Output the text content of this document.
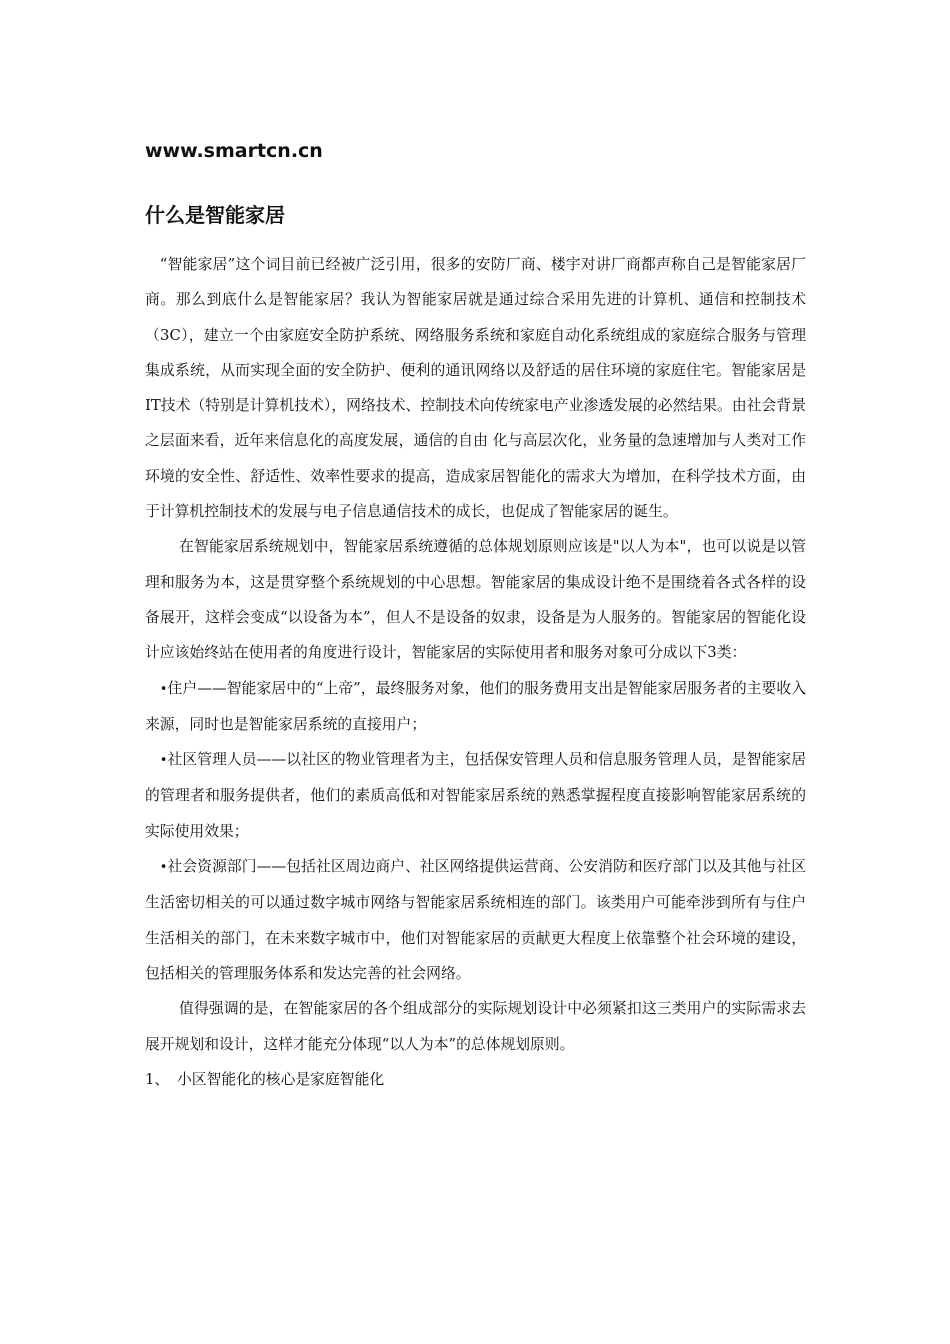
www.smartcn.cn
什么是智能家居

“智能家居”这个词目前已经被广泛引用，很多的安防厂商、楼宇对讲厂商都声称自己是智能家居厂商。那么到底什么是智能家居？我认为智能家居就是通过综合采用先进的计算机、通信和控制技术（3C），建立一个由家庭安全防护系统、网络服务系统和家庭自动化系统组成的家庭综合服务与管理集成系统，从而实现全面的安全防护、便利的通讯网络以及舒适的居住环境的家庭住宅。智能家居是IT技术（特别是计算机技术），网络技术、控制技术向传统家电产业渗透发展的必然结果。由社会背景之层面来看，近年来信息化的高度发展，通信的自由 化与高层次化，业务量的急速增加与人类对工作环境的安全性、舒适性、效率性要求的提高，造成家居智能化的需求大为增加，在科学技术方面，由于计算机控制技术的发展与电子信息通信技术的成长，也促成了智能家居的诞生。

在智能家居系统规划中，智能家居系统遵循的总体规划原则应该是"以人为本"，也可以说是以管理和服务为本，这是贯穿整个系统规划的中心思想。智能家居的集成设计绝不是围绕着各式各样的设备展开，这样会变成“以设备为本”，但人不是设备的奴隶，设备是为人服务的。智能家居的智能化设计应该始终站在使用者的角度进行设计，智能家居的实际使用者和服务对象可分成以下3类：

•住户——智能家居中的“上帝”，最终服务对象，他们的服务费用支出是智能家居服务者的主要收入来源，同时也是智能家居系统的直接用户；

•社区管理人员——以社区的物业管理者为主，包括保安管理人员和信息服务管理人员，是智能家居的管理者和服务提供者，他们的素质高低和对智能家居系统的熟悉掌握程度直接影响智能家居系统的实际使用效果；

•社会资源部门——包括社区周边商户、社区网络提供运营商、公安消防和医疗部门以及其他与社区生活密切相关的可以通过数字城市网络与智能家居系统相连的部门。该类用户可能牵涉到所有与住户生活相关的部门，在未来数字城市中，他们对智能家居的贡献更大程度上依靠整个社会环境的建设，包括相关的管理服务体系和发达完善的社会网络。

值得强调的是，在智能家居的各个组成部分的实际规划设计中必须紧扣这三类用户的实际需求去展开规划和设计，这样才能充分体现“以人为本”的总体规划原则。

1、 小区智能化的核心是家庭智能化
